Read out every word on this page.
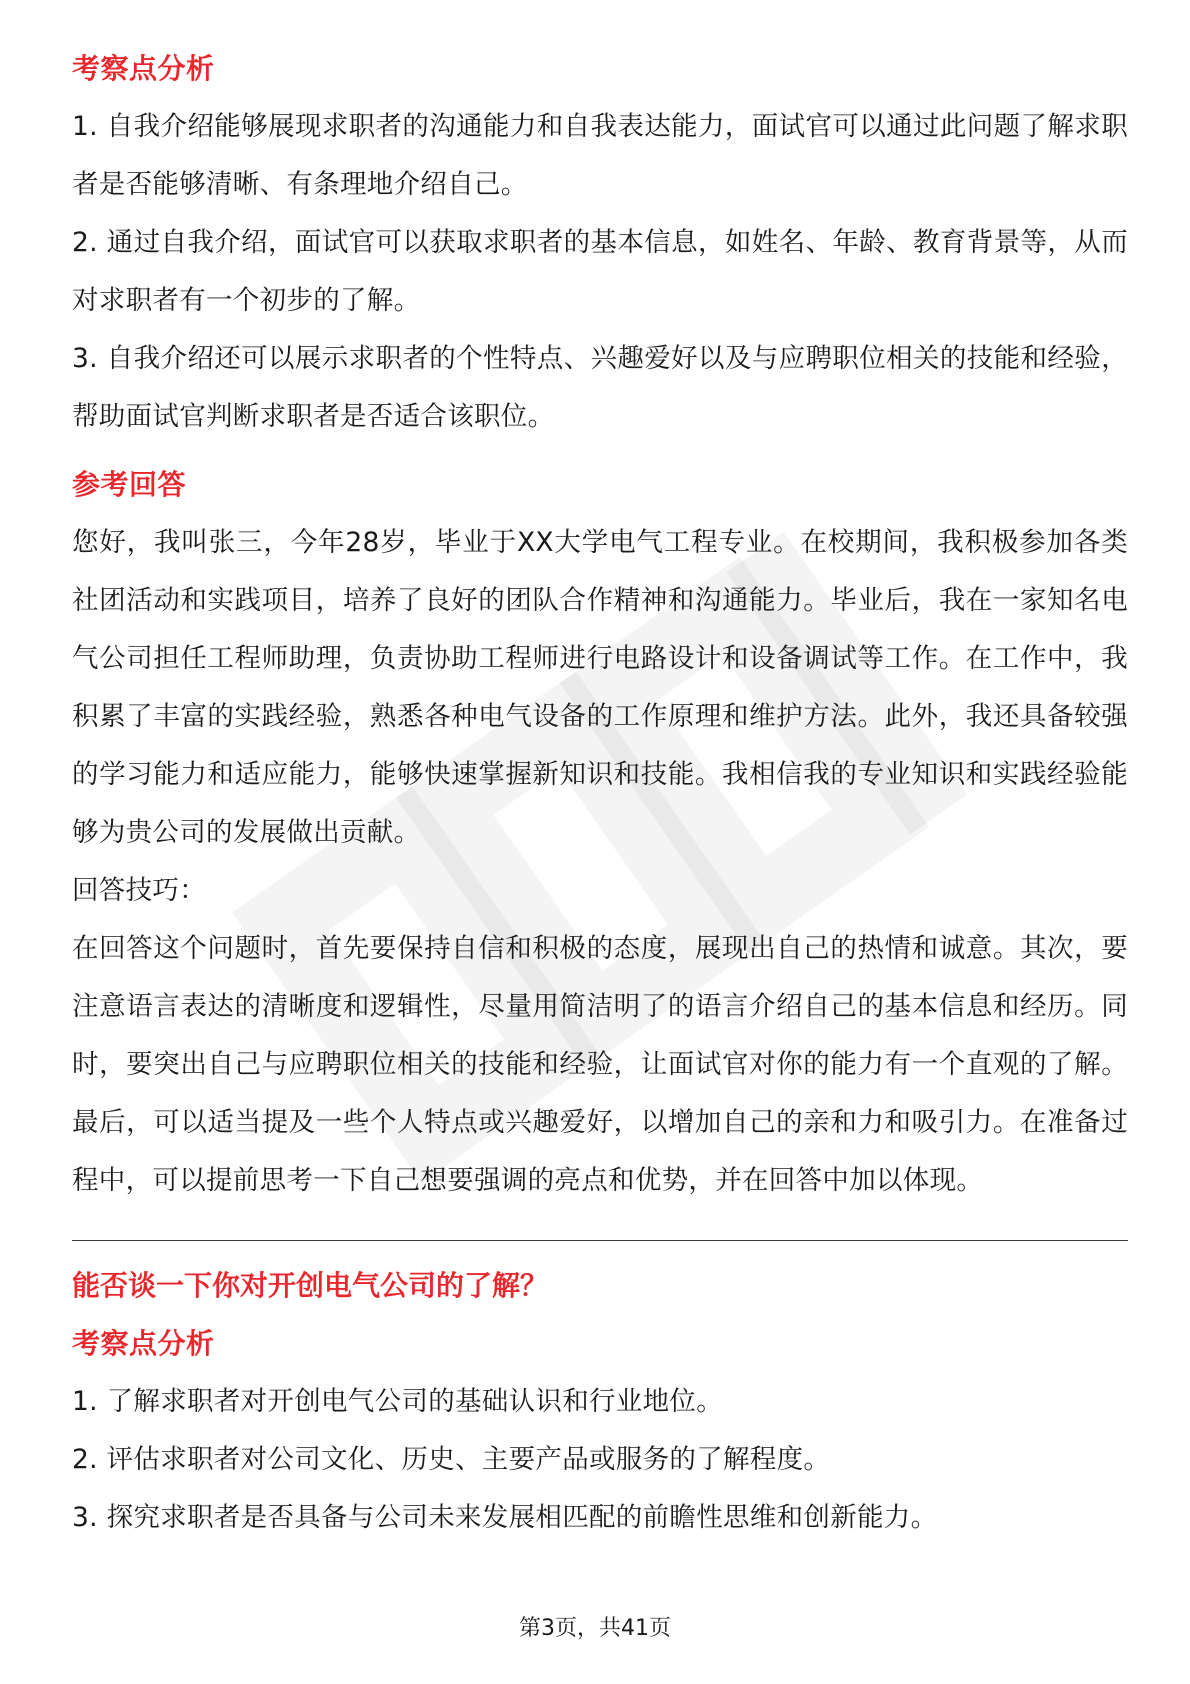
考察点分析

1. 自我介绍能够展现求职者的沟通能力和自我表达能力，面试官可以通过此问题了解求职者是否能够清晰、有条理地介绍自己。

2. 通过自我介绍，面试官可以获取求职者的基本信息，如姓名、年龄、教育背景等，从而对求职者有一个初步的了解。

3. 自我介绍还可以展示求职者的个性特点、兴趣爱好以及与应聘职位相关的技能和经验，帮助面试官判断求职者是否适合该职位。

参考回答

您好，我叫张三，今年28岁，毕业于XX大学电气工程专业。在校期间，我积极参加各类社团活动和实践项目，培养了良好的团队合作精神和沟通能力。毕业后，我在一家知名电气公司担任工程师助理，负责协助工程师进行电路设计和设备调试等工作。在工作中，我积累了丰富的实践经验，熟悉各种电气设备的工作原理和维护方法。此外，我还具备较强的学习能力和适应能力，能够快速掌握新知识和技能。我相信我的专业知识和实践经验能够为贵公司的发展做出贡献。

回答技巧：

在回答这个问题时，首先要保持自信和积极的态度，展现出自己的热情和诚意。其次，要注意语言表达的清晰度和逻辑性，尽量用简洁明了的语言介绍自己的基本信息和经历。同时，要突出自己与应聘职位相关的技能和经验，让面试官对你的能力有一个直观的了解。最后，可以适当提及一些个人特点或兴趣爱好，以增加自己的亲和力和吸引力。在准备过程中，可以提前思考一下自己想要强调的亮点和优势，并在回答中加以体现。

能否谈一下你对开创电气公司的了解？

考察点分析

1. 了解求职者对开创电气公司的基础认识和行业地位。

2. 评估求职者对公司文化、历史、主要产品或服务的了解程度。

3. 探究求职者是否具备与公司未来发展相匹配的前瞻性思维和创新能力。

第3页，共41页
